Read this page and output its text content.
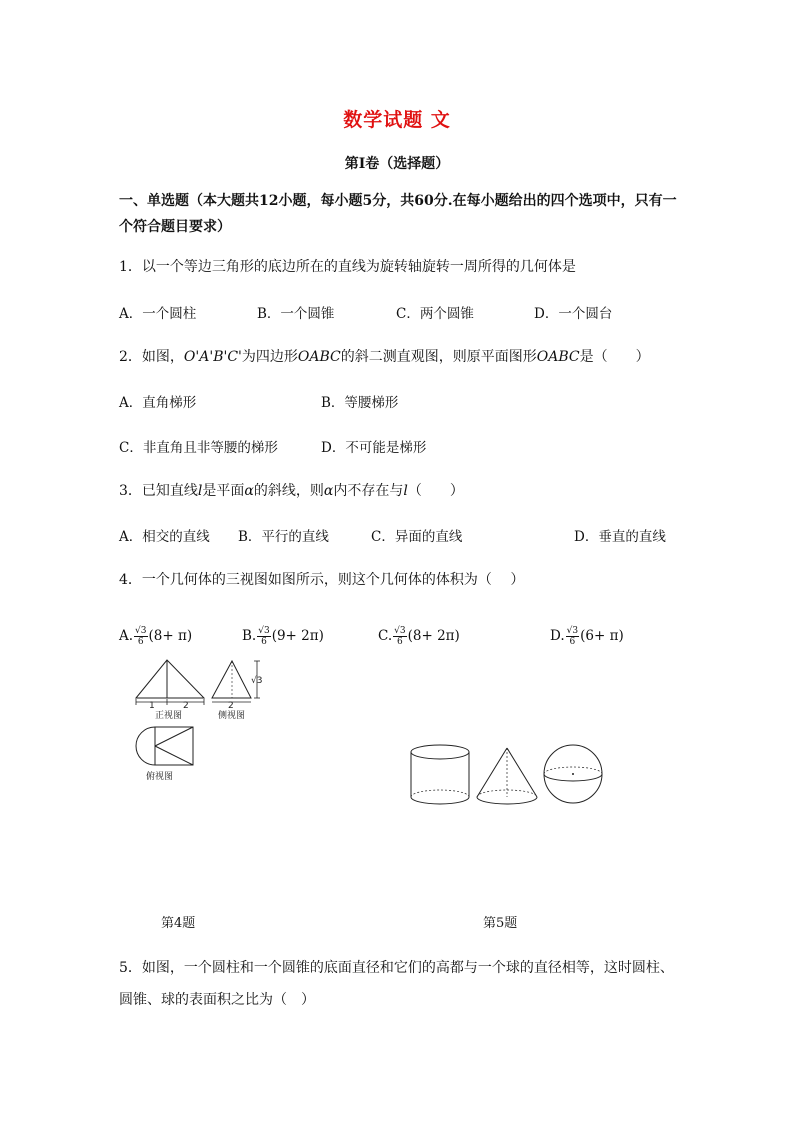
数学试题 文
第Ⅰ卷（选择题）
一、单选题（本大题共12小题，每小题5分，共60分.在每小题给出的四个选项中，只有一个符合题目要求）
1．以一个等边三角形的底边所在的直线为旋转轴旋转一周所得的几何体是
A．一个圆柱	B．一个圆锥	C．两个圆锥	D．一个圆台
2．如图，O'A'B'C'为四边形OABC的斜二测直观图，则原平面图形OABC是（　　）
A．直角梯形	B．等腰梯形
C．非直角且非等腰的梯形	D．不可能是梯形
3．已知直线l是平面α的斜线，则α内不存在与l（　　）
A．相交的直线 B．平行的直线	C．异面的直线	D．垂直的直线
4．一个几何体的三视图如图所示，则这个几何体的体积为（　 ）
A. $\frac{√3}{6} (8+ \pi)$	B. $\frac{√3}{6} (9+ 2\pi)$	C. $\frac{√3}{6} (8+ 2\pi)$	D. $\frac{√3}{6} (6+ \pi)$
1	2
正视图
√3
2
侧视图
俯视图
第4题	第5题
5．如图，一个圆柱和一个圆锥的底面直径和它们的高都与一个球的直径相等，这时圆柱、
圆锥、球的表面积之比为（　）
